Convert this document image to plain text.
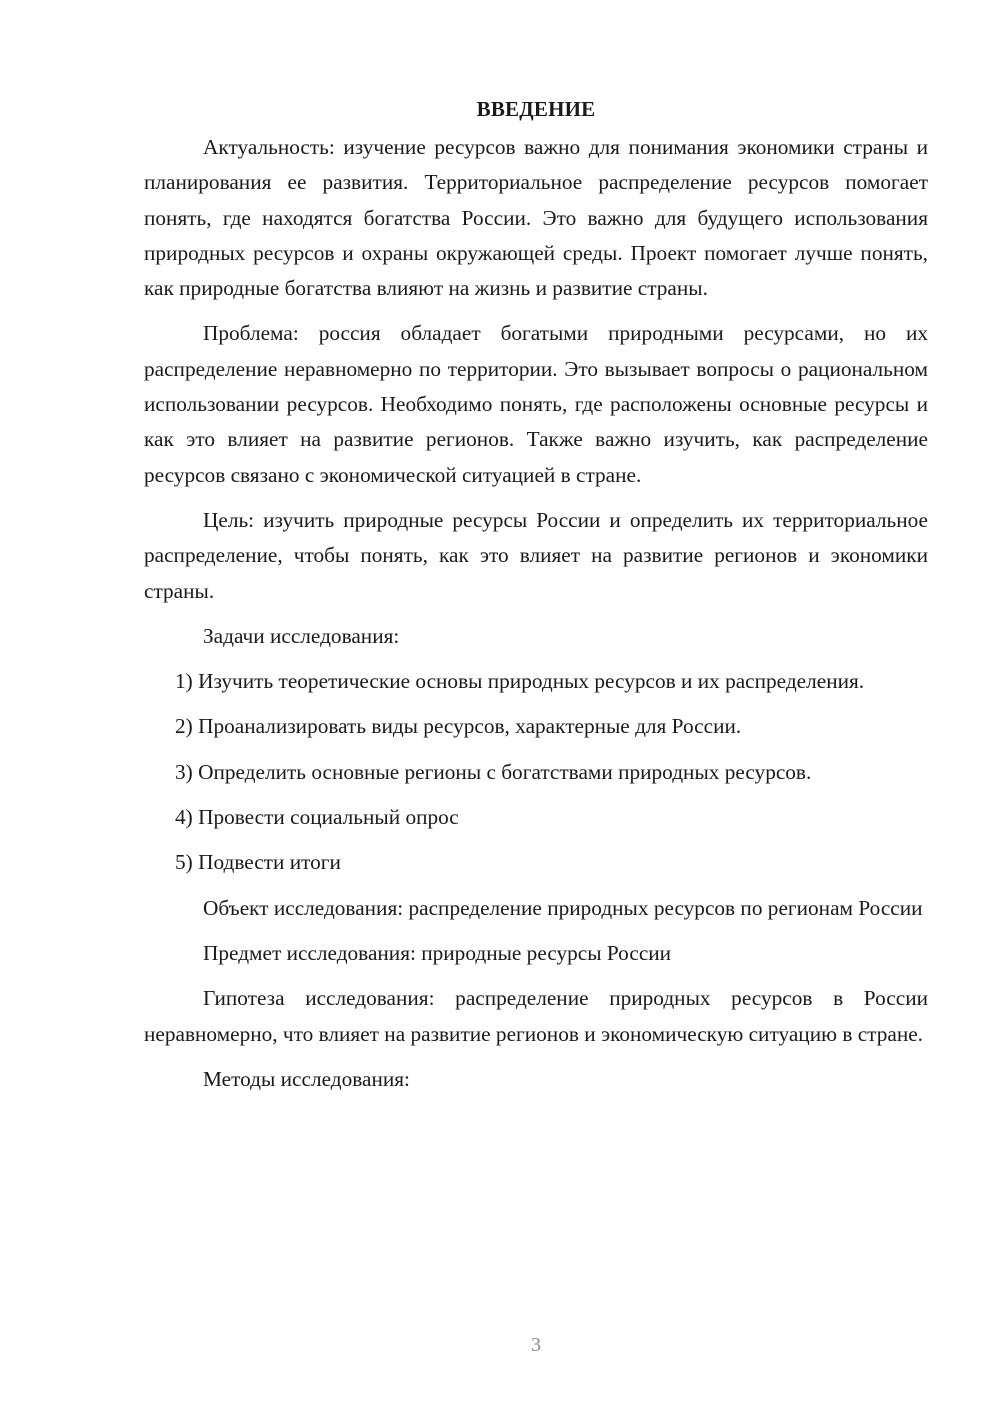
ВВЕДЕНИЕ

Актуальность: изучение ресурсов важно для понимания экономики страны и планирования ее развития. Территориальное распределение ресурсов помогает понять, где находятся богатства России. Это важно для будущего использования природных ресурсов и охраны окружающей среды. Проект помогает лучше понять, как природные богатства влияют на жизнь и развитие страны.

Проблема: россия обладает богатыми природными ресурсами, но их распределение неравномерно по территории. Это вызывает вопросы о рациональном использовании ресурсов. Необходимо понять, где расположены основные ресурсы и как это влияет на развитие регионов. Также важно изучить, как распределение ресурсов связано с экономической ситуацией в стране.

Цель: изучить природные ресурсы России и определить их территориальное распределение, чтобы понять, как это влияет на развитие регионов и экономики страны.

Задачи исследования:

1) Изучить теоретические основы природных ресурсов и их распределения.

2) Проанализировать виды ресурсов, характерные для России.

3) Определить основные регионы с богатствами природных ресурсов.

4) Провести социальный опрос

5) Подвести итоги

Объект исследования: распределение природных ресурсов по регионам России

Предмет исследования: природные ресурсы России

Гипотеза исследования: распределение природных ресурсов в России неравномерно, что влияет на развитие регионов и экономическую ситуацию в стране.

Методы исследования:

3
